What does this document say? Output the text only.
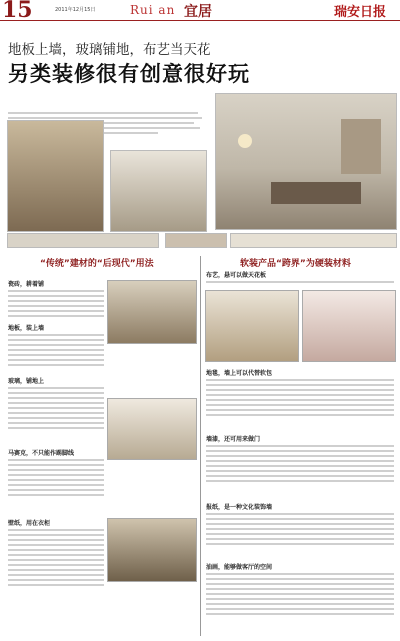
15	2011年12月15日	Rui an 宜居	瑞安日报
地板上墙，玻璃铺地，布艺当天花
另类装修很有创意很好玩
“传统”建材的“后现代”用法	软装产品“跨界”为硬装材料
瓷砖，耕着铺
地板，装上墙
玻璃，铺地上
马赛克，不只能作踢脚线
壁纸，用在衣柜
布艺，悬可以做天花板
地毯，墙上可以代替软包
墙漆，还可用来做门
报纸，是一种文化装饰墙
油画，能够做客厅的空间
